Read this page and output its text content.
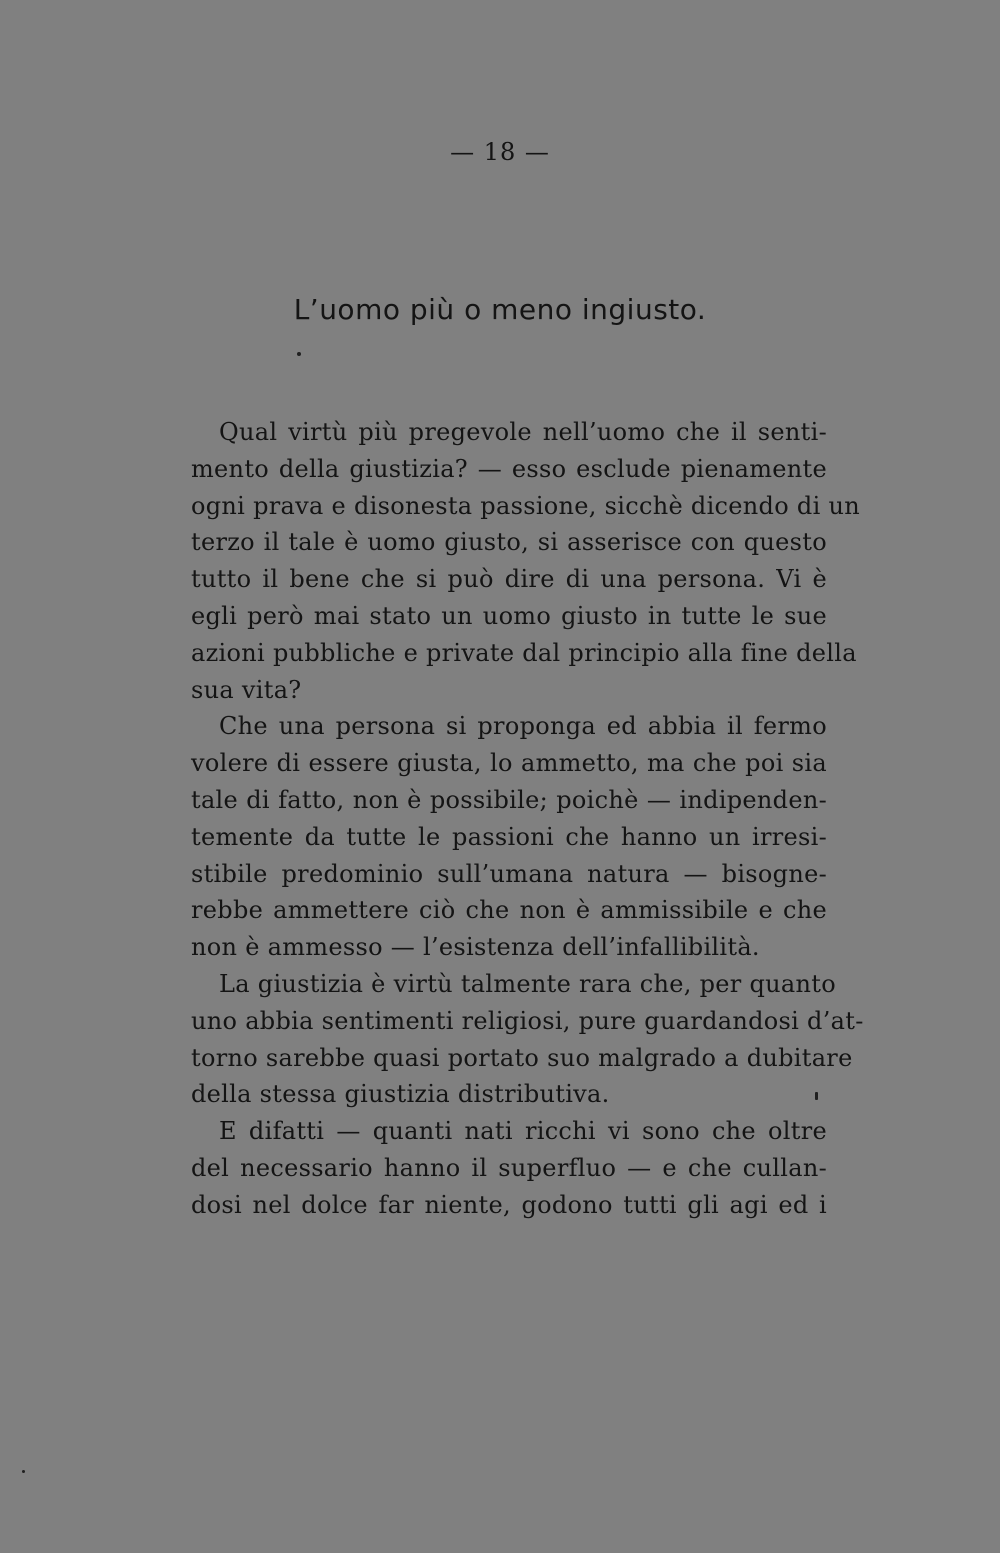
— 18 —
L’uomo più o meno ingiusto.
Qual virtù più pregevole nell’uomo che il senti-
mento della giustizia? — esso esclude pienamente
ogni prava e disonesta passione, sicchè dicendo di un
terzo il tale è uomo giusto, si asserisce con questo
tutto il bene che si può dire di una persona. Vi è
egli però mai stato un uomo giusto in tutte le sue
azioni pubbliche e private dal principio alla fine della
sua vita?
Che una persona si proponga ed abbia il fermo
volere di essere giusta, lo ammetto, ma che poi sia
tale di fatto, non è possibile; poichè — indipenden-
temente da tutte le passioni che hanno un irresi-
stibile predominio sull’umana natura — bisogne-
rebbe ammettere ciò che non è ammissibile e che
non è ammesso — l’esistenza dell’infallibilità.
La giustizia è virtù talmente rara che, per quanto
uno abbia sentimenti religiosi, pure guardandosi d’at-
torno sarebbe quasi portato suo malgrado a dubitare
della stessa giustizia distributiva.
E difatti — quanti nati ricchi vi sono che oltre
del necessario hanno il superfluo — e che cullan-
dosi nel dolce far niente, godono tutti gli agi ed i
